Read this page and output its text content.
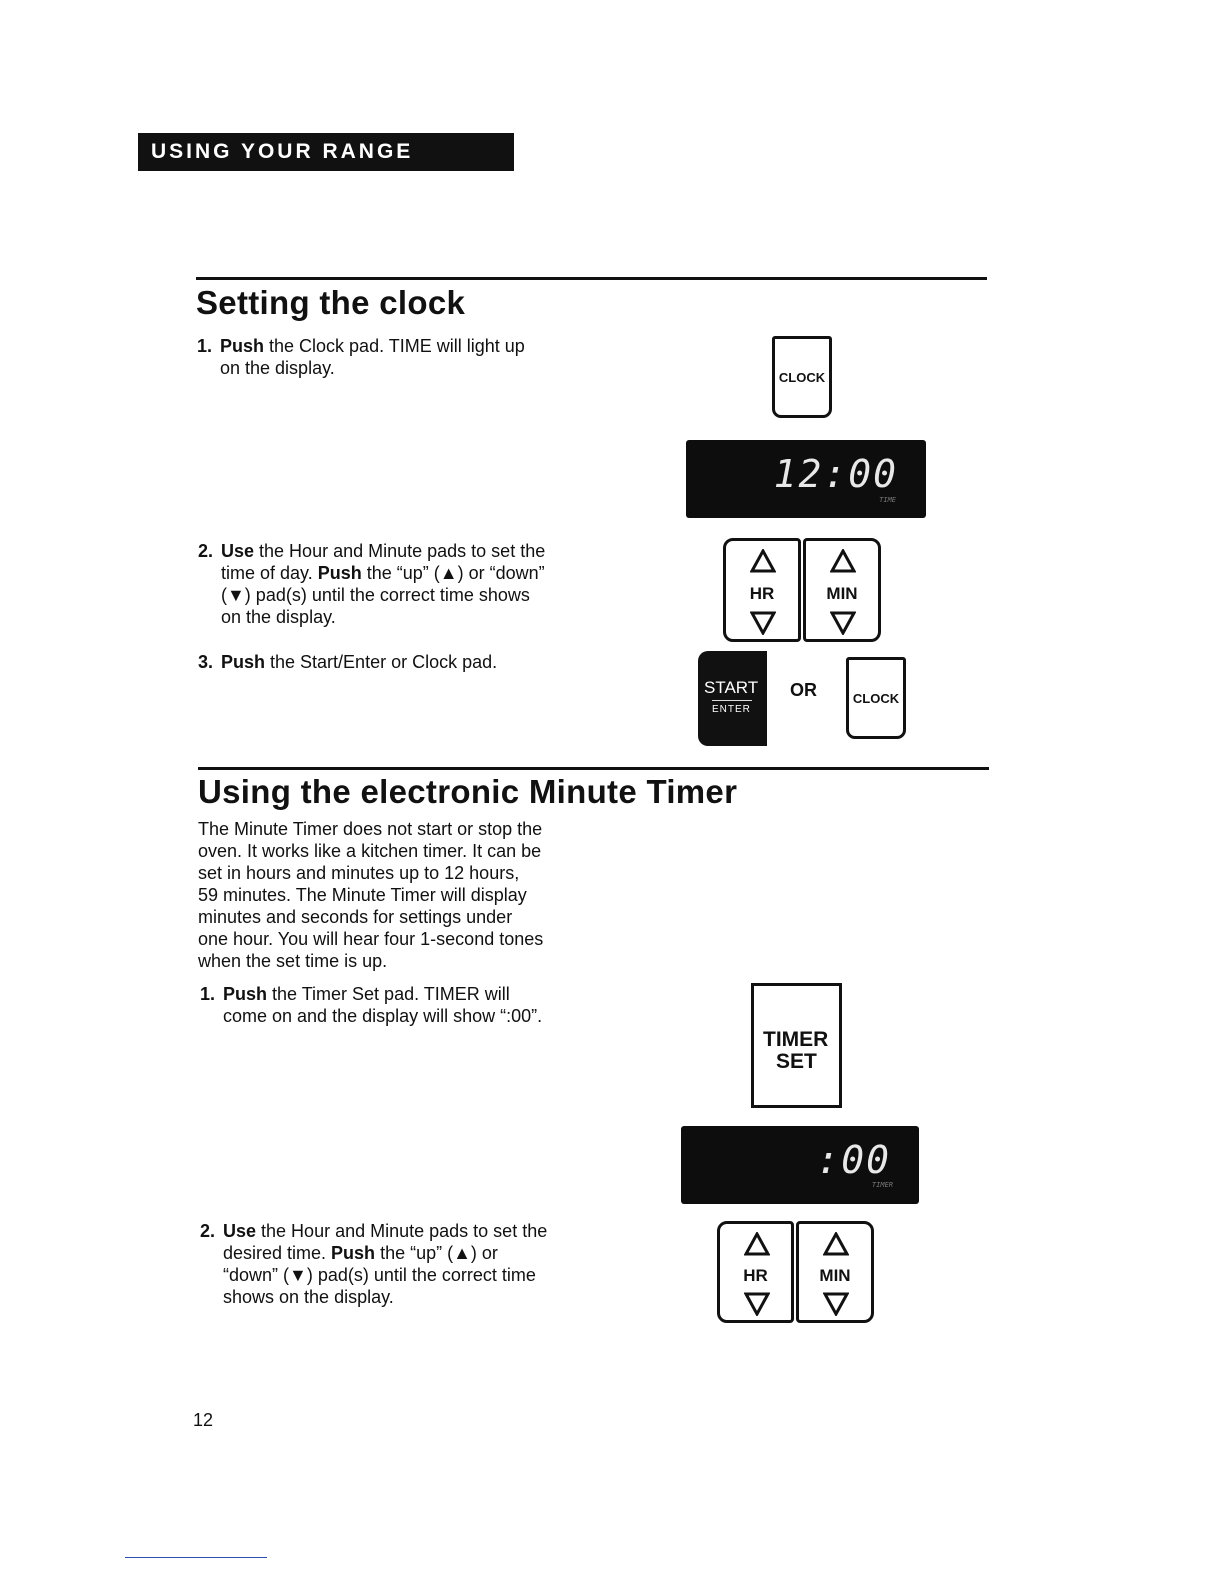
USING YOUR RANGE
Setting the clock
1. Push the Clock pad. TIME will light up
on the display.	CLOCK
12:00
TIME
2. Use the Hour and Minute pads to set the
time of day. Push the “up” (▲) or “down”
(▼) pad(s) until the correct time shows
on the display.
HR	MIN
3. Push the Start/Enter or Clock pad.
START
ENTER
OR	CLOCK
Using the electronic Minute Timer

The Minute Timer does not start or stop the

oven. It works like a kitchen timer. It can be

set in hours and minutes up to 12 hours,

59 minutes. The Minute Timer will display

minutes and seconds for settings under

one hour. You will hear four 1-second tones

when the set time is up.

1. Push the Timer Set pad. TIMER will
come on and the display will show “:00”.
TIMER
SET
:00
TIMER
2. Use the Hour and Minute pads to set the
desired time. Push the “up” (▲) or
“down” (▼) pad(s) until the correct time
shows on the display.
HR	MIN
12
